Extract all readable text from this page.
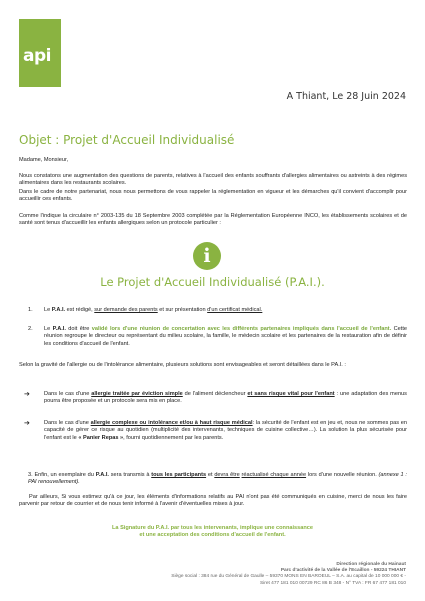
api
A Thiant, Le 28 Juin 2024
Objet : Projet d'Accueil Individualisé

Madame, Monsieur,

Nous constatons une augmentation des questions de parents, relatives à l'accueil des enfants souffrants d'allergies alimentaires ou astreints à des régimes alimentaires dans les restaurants scolaires.

Dans le cadre de notre partenariat, nous nous permettons de vous rappeler la réglementation en vigueur et les démarches qu'il convient d'accomplir pour accueillir ces enfants.

Comme l'indique la circulaire n° 2003-135 du 18 Septembre 2003 complétée par la Réglementation Européenne INCO, les établissements scolaires et de santé sont tenus d'accueillir les enfants allergiques selon un protocole particulier :

i
Le Projet d'Accueil Individualisé (P.A.I.).
1. Le P.A.I. est rédigé, sur demande des parents et sur présentation d'un certificat médical.

2. Le P.A.I. doit être validé lors d'une réunion de concertation avec les différents partenaires impliqués dans l'accueil de l'enfant. Cette réunion regroupe le directeur ou représentant du milieu scolaire, la famille, le médecin scolaire et les partenaires de la restauration afin de définir les conditions d'accueil de l'enfant.

Selon la gravité de l'allergie ou de l'intolérance alimentaire, plusieurs solutions sont envisageables et seront détaillées dans le PA.I. :

➔	Dans le cas d'une allergie traitée par éviction simple de l'aliment déclencheur et sans risque vital pour l'enfant : une adaptation des menus pourra être proposée et un protocole sera mis en place.

➔	Dans le cas d'une allergie complexe ou intolérance et/ou à haut risque médical: la sécurité de l'enfant est en jeu et, nous ne sommes pas en capacité de gérer ce risque au quotidien (multiplicité des intervenants, techniques de cuisine collective…). La solution la plus sécurisée pour l'enfant est le « Panier Repas », fourni quotidiennement par les parents.

3. Enfin, un exemplaire du P.A.I. sera transmis à tous les participants et devra être réactualisé chaque année lors d'une nouvelle réunion. (annexe 1 : PAI renouvellement).

Par ailleurs, Si vous estimez qu'à ce jour, les éléments d'informations relatifs au PAI n'ont pas été communiqués en cuisine, merci de nous les faire parvenir par retour de courrier et de nous tenir informé à l'avenir d'éventuelles mises à jour.

La Signature du P.A.I. par tous les intervenants, implique une connaissance
et une acceptation des conditions d'accueil de l'enfant.
Direction régionale du Hainaut
Parc d'activité de la Vallée de l'Ecaillon - 59224 THIANT
Siège social : 384 rue du Général de Gaulle – 59370 MONS EN BAROEUL – S.A. au capital de 10 000 000 € -
Siret 477 181 010 00729 RC 86 B 348 - N° TVA : FR 67 477 181 010
